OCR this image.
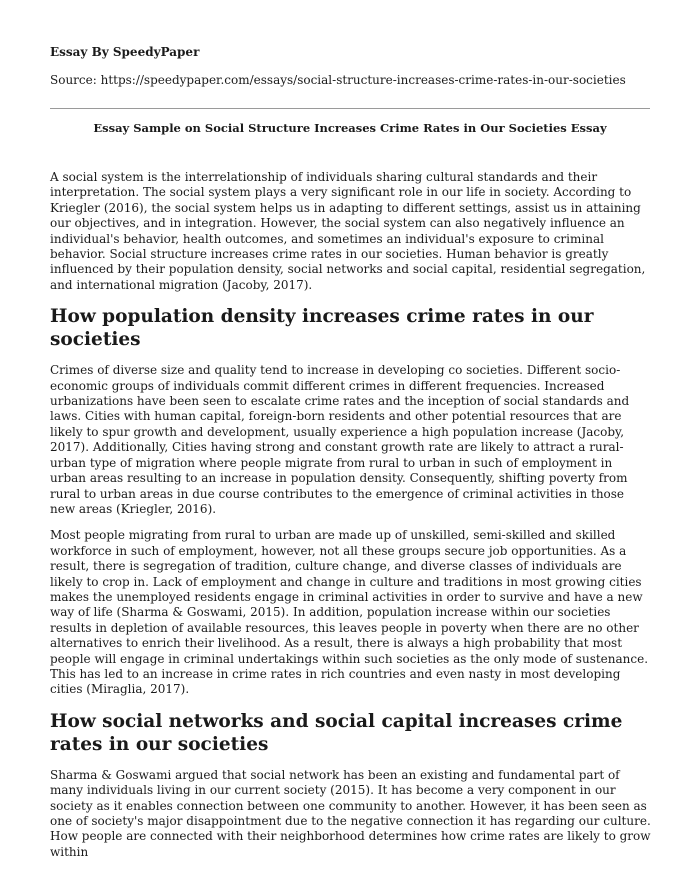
Essay By SpeedyPaper

Source: https://speedypaper.com/essays/social-structure-increases-crime-rates-in-our-societies

Essay Sample on Social Structure Increases Crime Rates in Our Societies Essay

A social system is the interrelationship of individuals sharing cultural standards and their interpretation. The social system plays a very significant role in our life in society. According to Kriegler (2016), the social system helps us in adapting to different settings, assist us in attaining our objectives, and in integration. However, the social system can also negatively influence an individual's behavior, health outcomes, and sometimes an individual's exposure to criminal behavior. Social structure increases crime rates in our societies. Human behavior is greatly influenced by their population density, social networks and social capital, residential segregation, and international migration (Jacoby, 2017).

How population density increases crime rates in our societies

Crimes of diverse size and quality tend to increase in developing co societies. Different socio-economic groups of individuals commit different crimes in different frequencies. Increased urbanizations have been seen to escalate crime rates and the inception of social standards and laws. Cities with human capital, foreign-born residents and other potential resources that are likely to spur growth and development, usually experience a high population increase (Jacoby, 2017). Additionally, Cities having strong and constant growth rate are likely to attract a rural-urban type of migration where people migrate from rural to urban in such of employment in urban areas resulting to an increase in population density. Consequently, shifting poverty from rural to urban areas in due course contributes to the emergence of criminal activities in those new areas (Kriegler, 2016).

Most people migrating from rural to urban are made up of unskilled, semi-skilled and skilled workforce in such of employment, however, not all these groups secure job opportunities. As a result, there is segregation of tradition, culture change, and diverse classes of individuals are likely to crop in. Lack of employment and change in culture and traditions in most growing cities makes the unemployed residents engage in criminal activities in order to survive and have a new way of life (Sharma & Goswami, 2015). In addition, population increase within our societies results in depletion of available resources, this leaves people in poverty when there are no other alternatives to enrich their livelihood. As a result, there is always a high probability that most people will engage in criminal undertakings within such societies as the only mode of sustenance. This has led to an increase in crime rates in rich countries and even nasty in most developing cities (Miraglia, 2017).

How social networks and social capital increases crime rates in our societies

Sharma & Goswami argued that social network has been an existing and fundamental part of many individuals living in our current society (2015). It has become a very component in our society as it enables connection between one community to another. However, it has been seen as one of society's major disappointment due to the negative connection it has regarding our culture. How people are connected with their neighborhood determines how crime rates are likely to grow within
